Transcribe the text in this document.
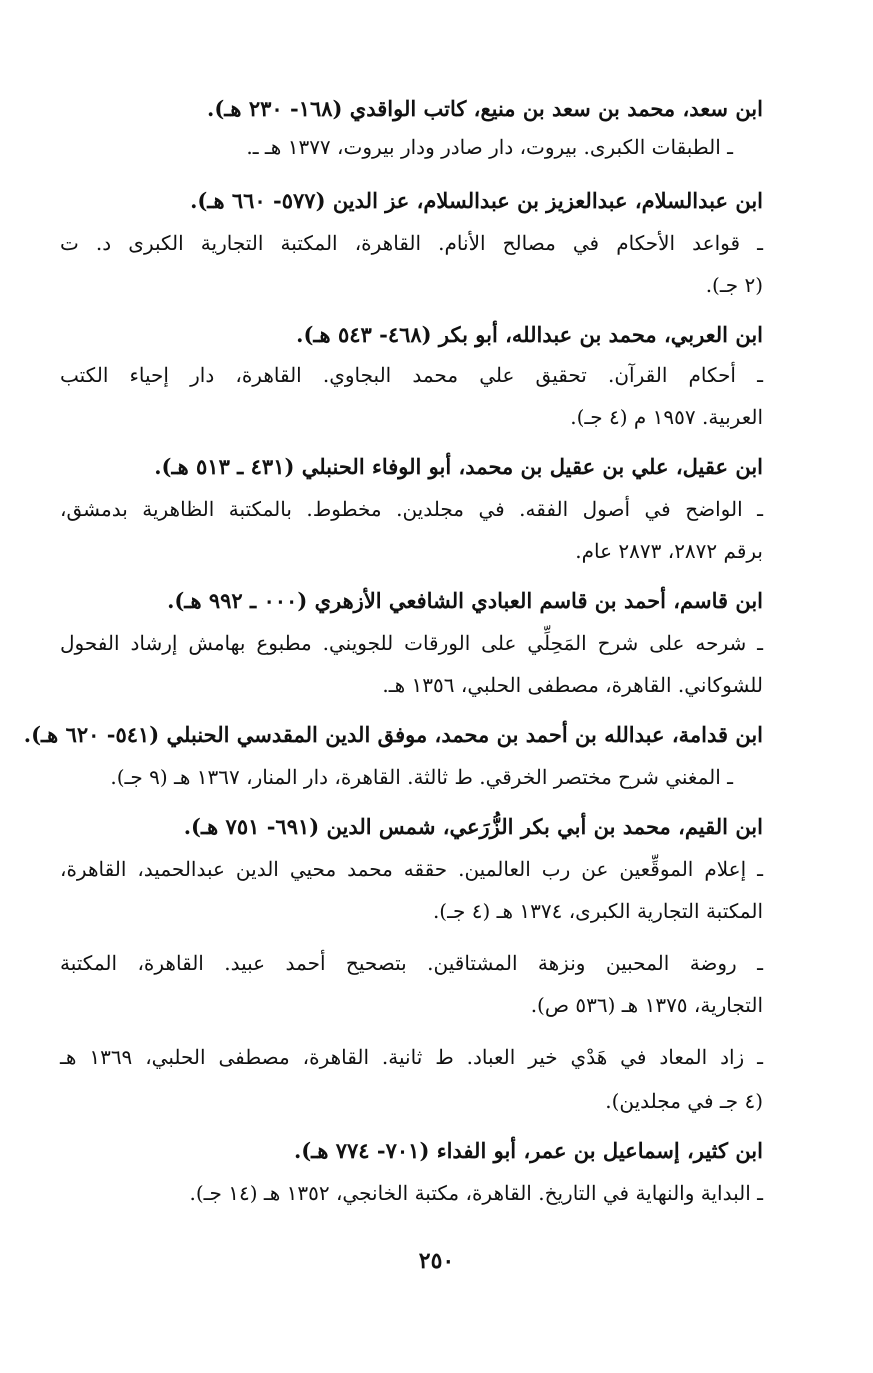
ابن سعد، محمد بن سعد بن منيع، كاتب الواقدي (١٦٨- ٢٣٠ هـ).
ـ الطبقات الكبرى. بيروت، دار صادر ودار بيروت، ١٣٧٧ هـ ـ.
ابن عبدالسلام، عبدالعزيز بن عبدالسلام، عز الدين (٥٧٧- ٦٦٠ هـ).
ـ قواعد الأحكام في مصالح الأنام. القاهرة، المكتبة التجارية الكبرى د. ت
(٢ جـ).
ابن العربي، محمد بن عبدالله، أبو بكر (٤٦٨- ٥٤٣ هـ).
ـ أحكام القرآن. تحقيق علي محمد البجاوي. القاهرة، دار إحياء الكتب
العربية. ١٩٥٧ م (٤ جـ).
ابن عقيل، علي بن عقيل بن محمد، أبو الوفاء الحنبلي (٤٣١ ـ ٥١٣ هـ).
ـ الواضح في أصول الفقه. في مجلدين. مخطوط. بالمكتبة الظاهرية بدمشق،
برقم ٢٨٧٢، ٢٨٧٣ عام.
ابن قاسم، أحمد بن قاسم العبادي الشافعي الأزهري (٠٠٠ ـ ٩٩٢ هـ).
ـ شرحه على شرح المَحِلِّي على الورقات للجويني. مطبوع بهامش إرشاد الفحول
للشوكاني. القاهرة، مصطفى الحلبي، ١٣٥٦ هـ.
ابن قدامة، عبدالله بن أحمد بن محمد، موفق الدين المقدسي الحنبلي (٥٤١- ٦٢٠ هـ).
ـ المغني شرح مختصر الخرقي. ط ثالثة. القاهرة، دار المنار، ١٣٦٧ هـ (٩ جـ).
ابن القيم، محمد بن أبي بكر الزُّرَعي، شمس الدين (٦٩١- ٧٥١ هـ).
ـ إعلام الموقِّعين عن رب العالمين. حققه محمد محيي الدين عبدالحميد، القاهرة،
المكتبة التجارية الكبرى، ١٣٧٤ هـ (٤ جـ).
ـ روضة المحبين ونزهة المشتاقين. بتصحيح أحمد عبيد. القاهرة، المكتبة
التجارية، ١٣٧٥ هـ (٥٣٦ ص).
ـ زاد المعاد في هَدْي خير العباد. ط ثانية. القاهرة، مصطفى الحلبي، ١٣٦٩ هـ
(٤ جـ في مجلدين).
ابن كثير، إسماعيل بن عمر، أبو الفداء (٧٠١- ٧٧٤ هـ).
ـ البداية والنهاية في التاريخ. القاهرة، مكتبة الخانجي، ١٣٥٢ هـ (١٤ جـ).
٢٥٠
